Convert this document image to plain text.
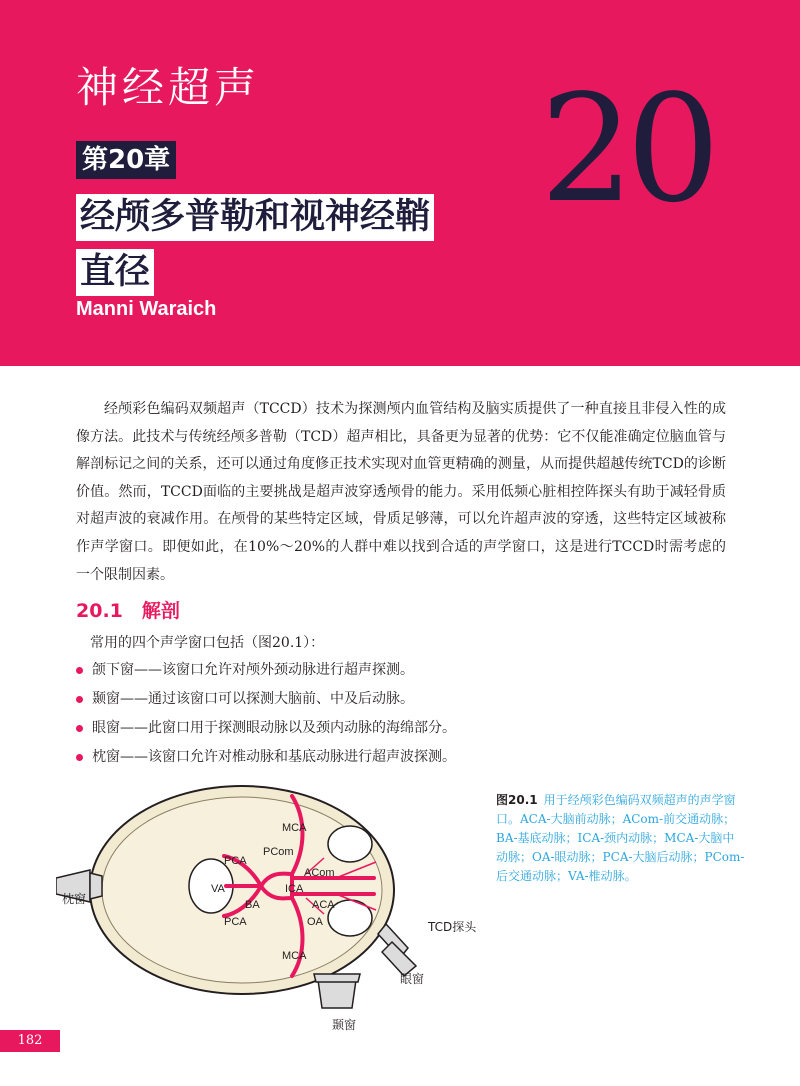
神经超声 20
第20章
经颅多普勒和视神经鞘
直径
Manni Waraich

经颅彩色编码双频超声（TCCD）技术为探测颅内血管结构及脑实质提供了一种直接且非侵入性的成像方法。此技术与传统经颅多普勒（TCD）超声相比，具备更为显著的优势：它不仅能准确定位脑血管与解剖标记之间的关系，还可以通过角度修正技术实现对血管更精确的测量，从而提供超越传统TCD的诊断价值。然而，TCCD面临的主要挑战是超声波穿透颅骨的能力。采用低频心脏相控阵探头有助于减轻骨质对超声波的衰减作用。在颅骨的某些特定区域，骨质足够薄，可以允许超声波的穿透，这些特定区域被称作声学窗口。即便如此，在10%～20%的人群中难以找到合适的声学窗口，这是进行TCCD时需考虑的一个限制因素。

20.1　解剖

常用的四个声学窗口包括（图20.1）：

颌下窗——该窗口允许对颅外颈动脉进行超声探测。
颞窗——通过该窗口可以探测大脑前、中及后动脉。
眼窗——此窗口用于探测眼动脉以及颈内动脉的海绵部分。
枕窗——该窗口允许对椎动脉和基底动脉进行超声波探测。
MCA
PCom
PCA
ACom
VA	ICA
BA	ACA
PCA	OA
MCA
枕窗
TCD探头
眼窗
颞窗

图20.1 用于经颅彩色编码双频超声的声学窗口。ACA-大脑前动脉；ACom-前交通动脉；BA-基底动脉；ICA-颈内动脉；MCA-大脑中动脉；OA-眼动脉；PCA-大脑后动脉；PCom-后交通动脉；VA-椎动脉。

182
